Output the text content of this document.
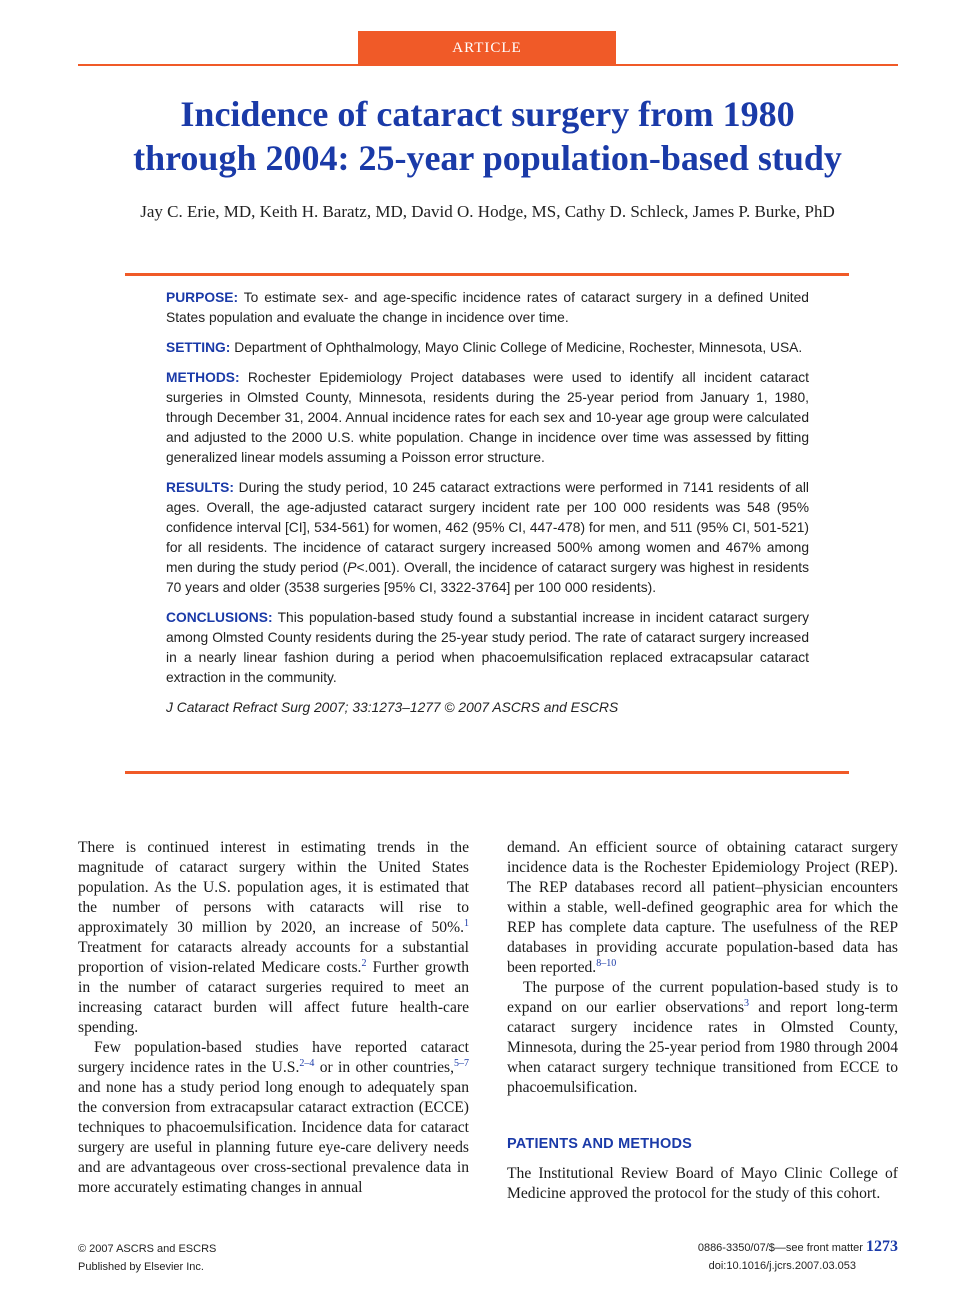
ARTICLE
Incidence of cataract surgery from 1980
through 2004: 25-year population-based study
Jay C. Erie, MD, Keith H. Baratz, MD, David O. Hodge, MS, Cathy D. Schleck, James P. Burke, PhD

PURPOSE: To estimate sex- and age-specific incidence rates of cataract surgery in a defined United States population and evaluate the change in incidence over time.

SETTING: Department of Ophthalmology, Mayo Clinic College of Medicine, Rochester, Minnesota, USA.

METHODS: Rochester Epidemiology Project databases were used to identify all incident cataract surgeries in Olmsted County, Minnesota, residents during the 25-year period from January 1, 1980, through December 31, 2004. Annual incidence rates for each sex and 10-year age group were calculated and adjusted to the 2000 U.S. white population. Change in incidence over time was assessed by fitting generalized linear models assuming a Poisson error structure.

RESULTS: During the study period, 10 245 cataract extractions were performed in 7141 residents of all ages. Overall, the age-adjusted cataract surgery incident rate per 100 000 residents was 548 (95% confidence interval [CI], 534-561) for women, 462 (95% CI, 447-478) for men, and 511 (95% CI, 501-521) for all residents. The incidence of cataract surgery increased 500% among women and 467% among men during the study period (P<.001). Overall, the incidence of cataract surgery was highest in residents 70 years and older (3538 surgeries [95% CI, 3322-3764] per 100 000 residents).

CONCLUSIONS: This population-based study found a substantial increase in incident cataract surgery among Olmsted County residents during the 25-year study period. The rate of cataract surgery increased in a nearly linear fashion during a period when phacoemulsification replaced extracapsular cataract extraction in the community.

J Cataract Refract Surg 2007; 33:1273–1277 © 2007 ASCRS and ESCRS

There is continued interest in estimating trends in the magnitude of cataract surgery within the United States population. As the U.S. population ages, it is estimated that the number of persons with cataracts will rise to approximately 30 million by 2020, an increase of 50%.$^1$ Treatment for cataracts already accounts for a substantial proportion of vision-related Medicare costs.$^2$ Further growth in the number of cataract surgeries required to meet an increasing cataract burden will affect future health-care spending.

Few population-based studies have reported cataract surgery incidence rates in the U.S.$^{2-4}$ or in other countries,$^{5-7}$ and none has a study period long enough to adequately span the conversion from extracapsular cataract extraction (ECCE) techniques to phacoemulsification. Incidence data for cataract surgery are useful in planning future eye-care delivery needs and are advantageous over cross-sectional prevalence data in more accurately estimating changes in annual

demand. An efficient source of obtaining cataract surgery incidence data is the Rochester Epidemiology Project (REP). The REP databases record all patient–physician encounters within a stable, well-defined geographic area for which the REP has complete data capture. The usefulness of the REP databases in providing accurate population-based data has been reported.$^{8-10}$

The purpose of the current population-based study is to expand on our earlier observations$^3$ and report long-term cataract surgery incidence rates in Olmsted County, Minnesota, during the 25-year period from 1980 through 2004 when cataract surgery technique transitioned from ECCE to phacoemulsification.

PATIENTS AND METHODS

The Institutional Review Board of Mayo Clinic College of Medicine approved the protocol for the study of this cohort.

© 2007 ASCRS and ESCRS
Published by Elsevier Inc.
0886-3350/07/$—see front matter 1273
doi:10.1016/j.jcrs.2007.03.053
